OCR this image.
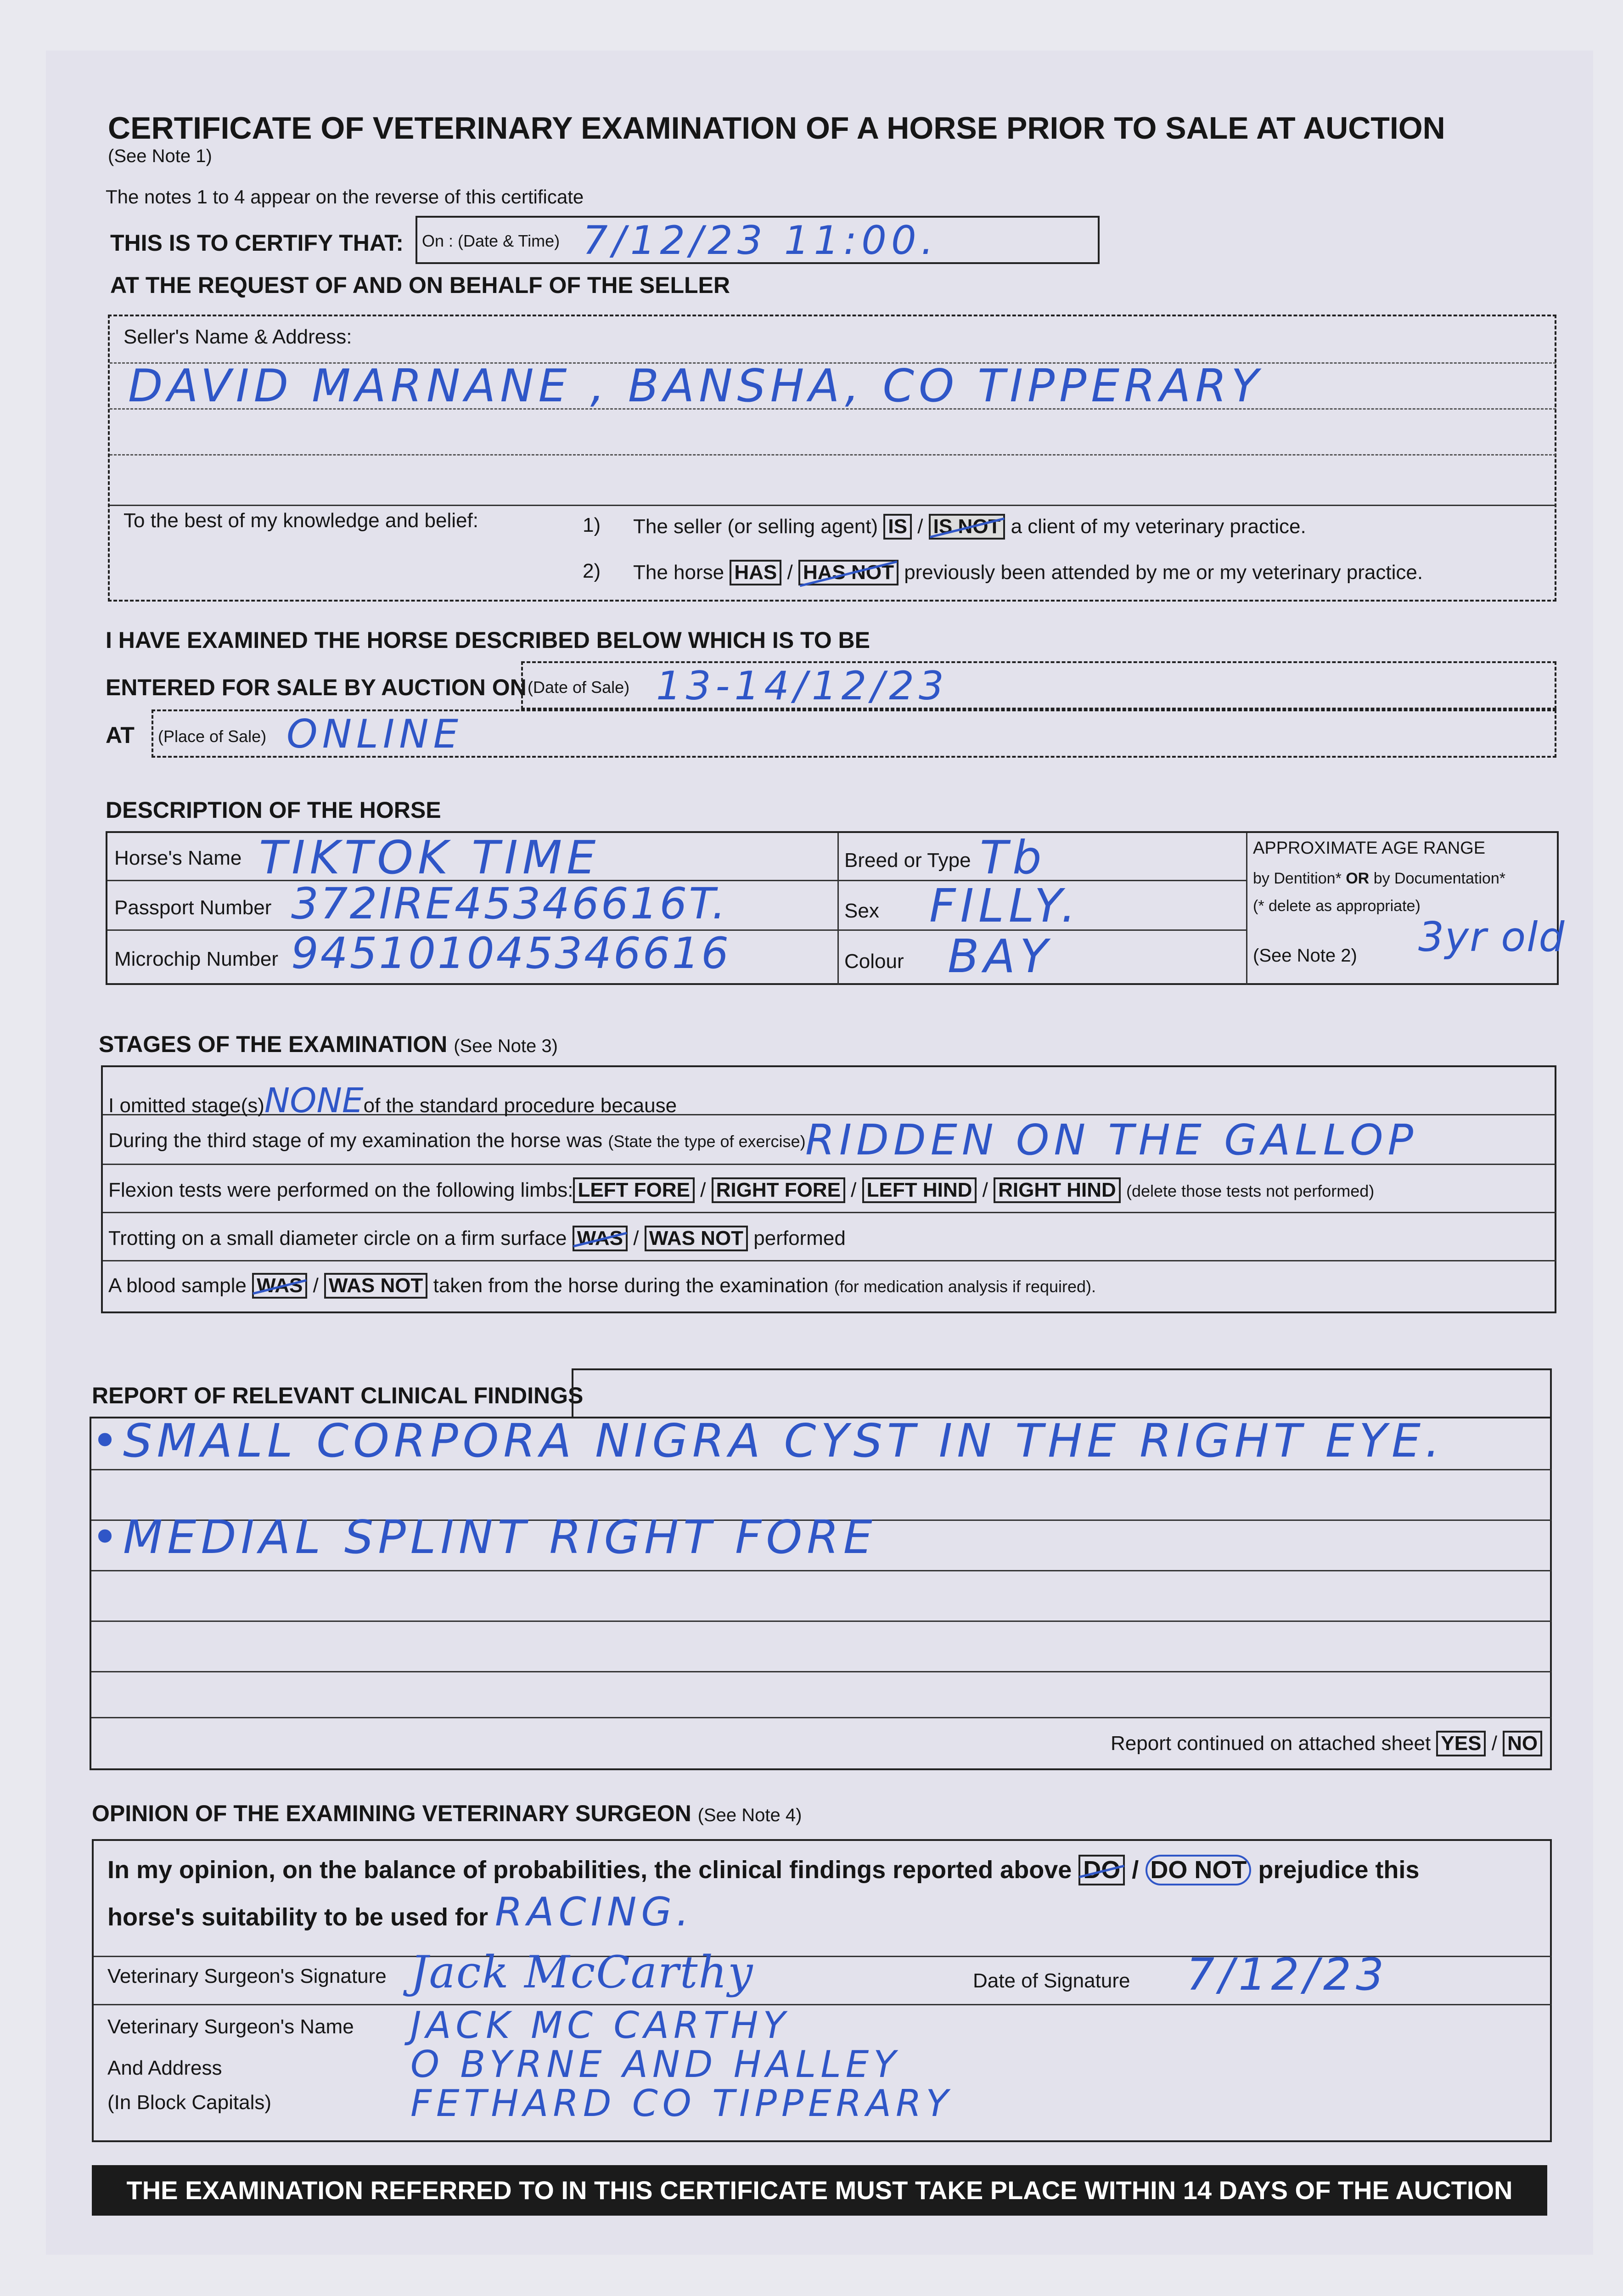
CERTIFICATE OF VETERINARY EXAMINATION OF A HORSE PRIOR TO SALE AT AUCTION
(See Note 1)
The notes 1 to 4 appear on the reverse of this certificate
THIS IS TO CERTIFY THAT: On : (Date & Time) 7/12/23 11:00.
AT THE REQUEST OF AND ON BEHALF OF THE SELLER
Seller's Name & Address:
DAVID MARNANE , BANSHA, CO TIPPERARY
To the best of my knowledge and belief:	1) The seller (or selling agent) IS / IS NOT a client of my veterinary practice.
2) The horse HAS / HAS NOT previously been attended by me or my veterinary practice.
I HAVE EXAMINED THE HORSE DESCRIBED BELOW WHICH IS TO BE
ENTERED FOR SALE BY AUCTION ON (Date of Sale) 13-14/12/23
AT (Place of Sale) ONLINE
DESCRIPTION OF THE HORSE
Horse's Name TIKTOK TIME
Passport Number 372IRE45346616T.
Microchip Number 945101045346616
Breed or Type Tb
Sex FILLY.
Colour BAY
APPROXIMATE AGE RANGE
by Dentition* OR by Documentation*
(* delete as appropriate)
(See Note 2) 3yr old
STAGES OF THE EXAMINATION (See Note 3)
I omitted stage(s)NONEof the standard procedure because
During the third stage of my examination the horse was (State the type of exercise) RIDDEN ON THE GALLOP
Flexion tests were performed on the following limbs: LEFT FORE / RIGHT FORE / LEFT HIND / RIGHT HIND (delete those tests not performed)
Trotting on a small diameter circle on a firm surface WAS / WAS NOT performed
A blood sample WAS / WAS NOT taken from the horse during the examination (for medication analysis if required).
REPORT OF RELEVANT CLINICAL FINDINGS
•SMALL CORPORA NIGRA CYST IN THE RIGHT EYE.
•MEDIAL SPLINT RIGHT FORE
Report continued on attached sheet YES / NO
OPINION OF THE EXAMINING VETERINARY SURGEON (See Note 4)
In my opinion, on the balance of probabilities, the clinical findings reported above DO / DO NOT prejudice this
horse's suitability to be used for RACING.
Veterinary Surgeon's Signature Jack McCarthy	Date of Signature 7/12/23
Veterinary Surgeon's Name
And Address
(In Block Capitals)
JACK MC CARTHY
O BYRNE AND HALLEY
FETHARD CO TIPPERARY
THE EXAMINATION REFERRED TO IN THIS CERTIFICATE MUST TAKE PLACE WITHIN 14 DAYS OF THE AUCTION
